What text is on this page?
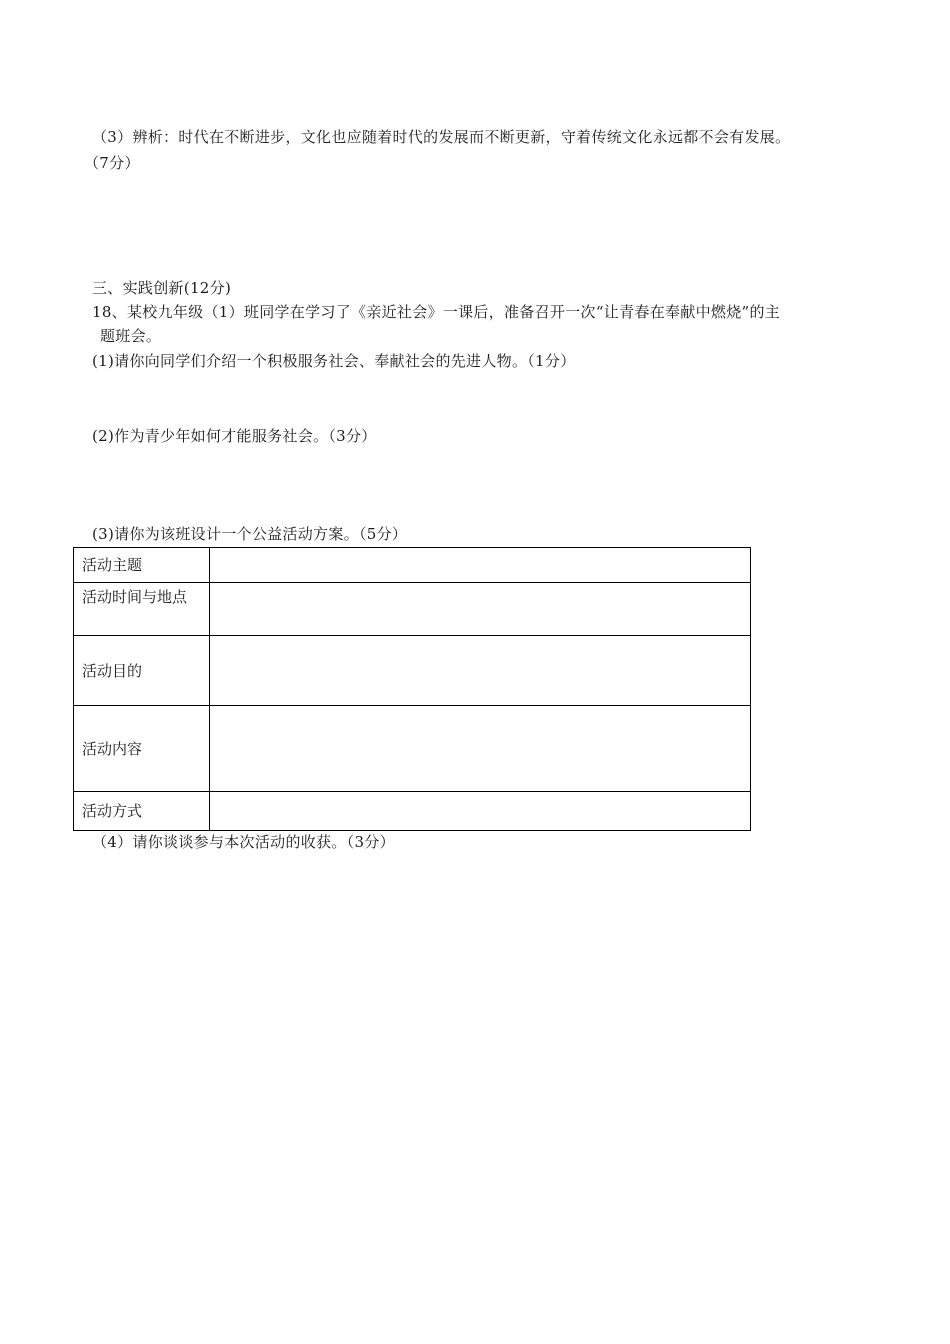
（3）辨析：时代在不断进步，文化也应随着时代的发展而不断更新，守着传统文化永远都不会有发展。
（7分）
三、实践创新(12分)
18、某校九年级（1）班同学在学习了《亲近社会》一课后，准备召开一次“让青春在奉献中燃烧”的主
题班会。
(1)请你向同学们介绍一个积极服务社会、奉献社会的先进人物。（1分）
(2)作为青少年如何才能服务社会。（3分）
(3)请你为该班设计一个公益活动方案。（5分）
活动主题	
活动时间与地点	
活动目的	
活动内容	
活动方式	
（4）请你谈谈参与本次活动的收获。（3分）
